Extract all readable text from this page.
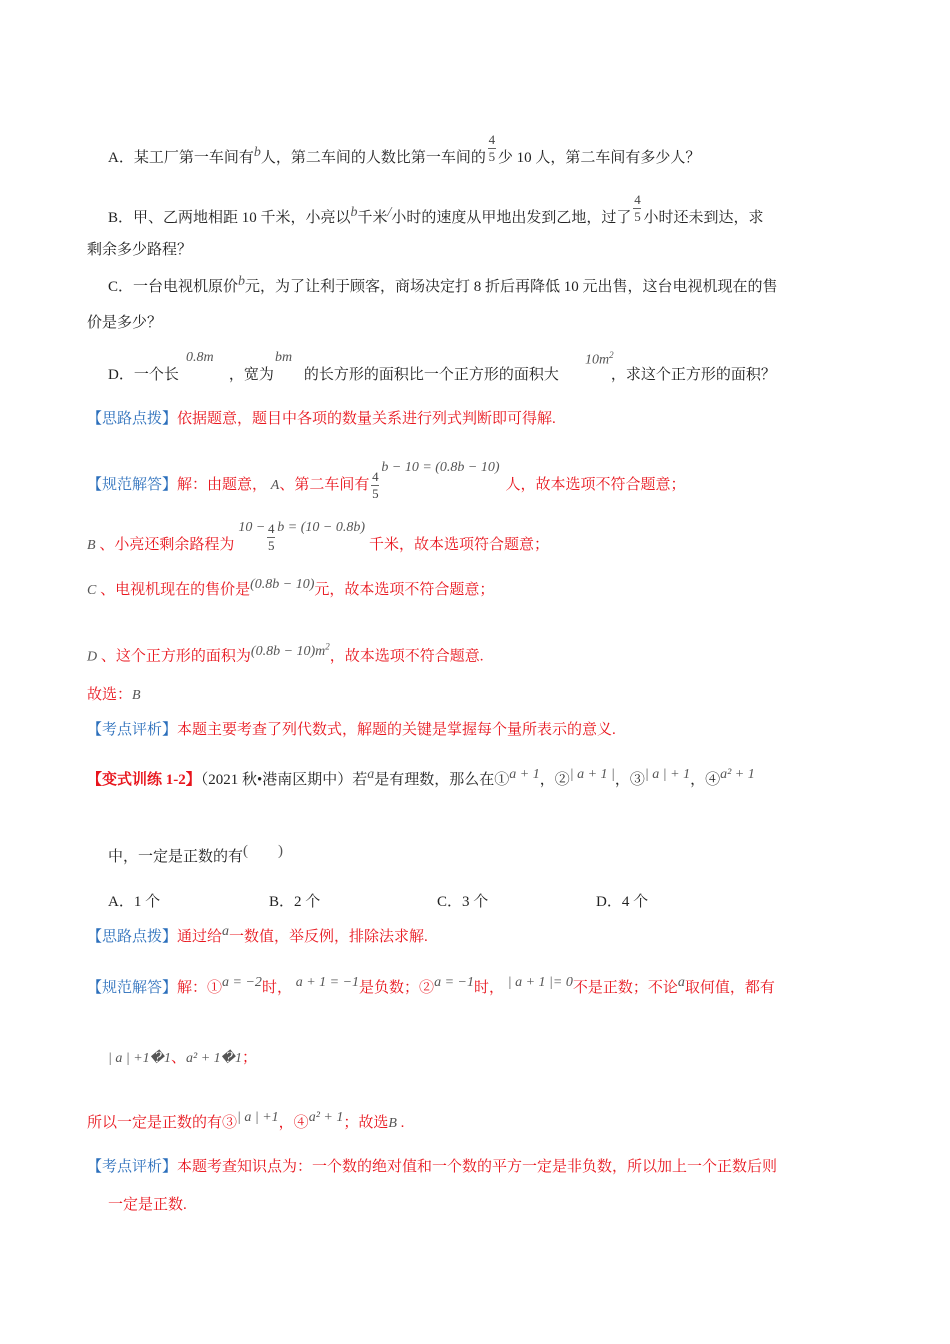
A．某工厂第一车间有b人，第二车间的人数比第一车间的 $\frac{4}{5}$ 少 10 人，第二车间有多少人？
B．甲、乙两地相距 10 千米，小亮以b千米/小时的速度从甲地出发到乙地，过了 $\frac{4}{5}$ 小时还未到达，求
剩余多少路程？
C．一台电视机原价b元，为了让利于顾客，商场决定打 8 折后再降低 10 元出售，这台电视机现在的售
价是多少？
D．一个长	，宽为 的长方形的面积比一个正方形的面积大	，求这个正方形的面积？
0.8m	bm	$10m^2$
【思路点拨】依据题意，题目中各项的数量关系进行列式判断即可得解.
【规范解答】解：由题意， A、第二车间有 $\frac{4}{5}b - 10 = (0.8b - 10)$人，故本选项不符合题意；
B 、小亮还剩余路程为$10 - \frac{4}{5}$ b = (10 − 0.8b)千米，故本选项符合题意；
C 、电视机现在的售价是(0.8b − 10)元，故本选项不符合题意；
D 、这个正方形的面积为$(0.8b - 10)m^2$，故本选项不符合题意.
故选：B
【考点评析】本题主要考查了列代数式，解题的关键是掌握每个量所表示的意义.
【变式训练 1-2】（2021 秋•港南区期中）若a是有理数，那么在①a + 1，②| a + 1 |，③| a | + 1，④a² + 1
中，一定是正数的有(　　)
A．1 个	B．2 个	C．3 个	D．4 个
【思路点拨】通过给a一数值，举反例，排除法求解.
【规范解答】解：①a = −2时， a + 1 = −1是负数；②a = −1时， | a + 1 |= 0不是正数；不论a取何值，都有
| a | +1�1、a² + 1�1；
所以一定是正数的有③| a | +1，④a² + 1；故选B .
【考点评析】本题考查知识点为：一个数的绝对值和一个数的平方一定是非负数，所以加上一个正数后则
一定是正数.
